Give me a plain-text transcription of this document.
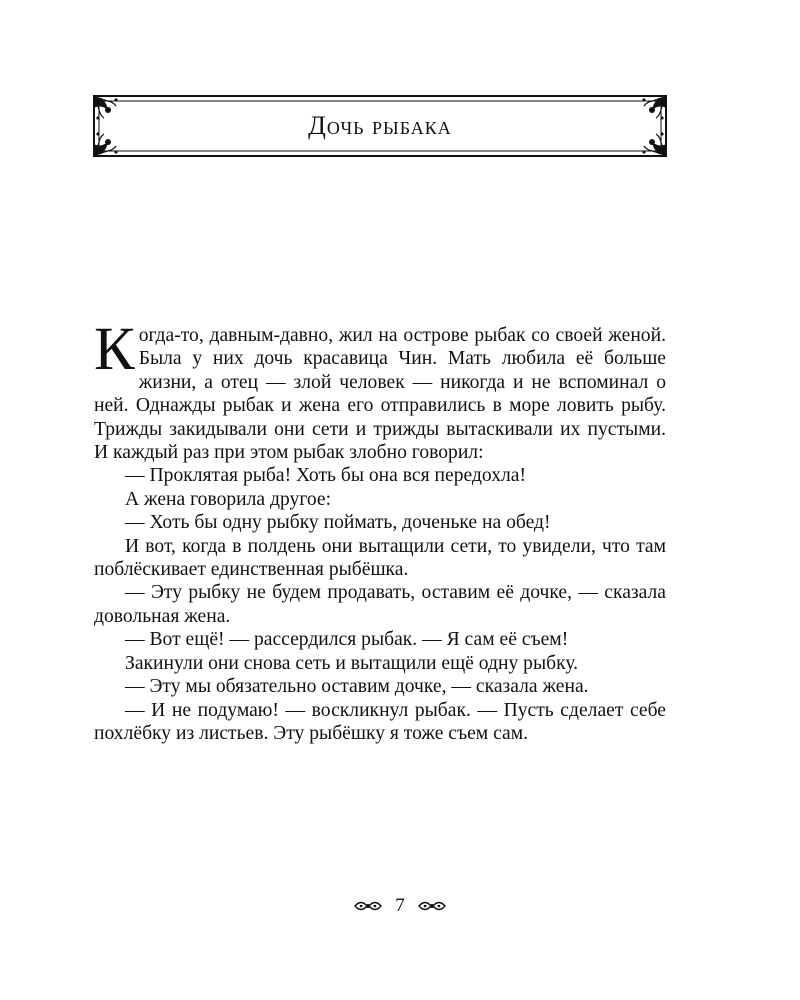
Дочь рыбака

Когда-то, давным-давно, жил на острове рыбак со своей женой. Была у них дочь красавица Чин. Мать любила её больше жизни, а отец — злой человек — никогда и не вспоминал о ней. Однажды рыбак и жена его отправились в море ловить рыбу. Трижды закидывали они сети и трижды вытаскивали их пустыми. И каждый раз при этом рыбак злобно говорил:

— Проклятая рыба! Хоть бы она вся передохла!

А жена говорила другое:

— Хоть бы одну рыбку поймать, доченьке на обед!

И вот, когда в полдень они вытащили сети, то увидели, что там поблёскивает единственная рыбёшка.

— Эту рыбку не будем продавать, оставим её дочке, — сказала довольная жена.

— Вот ещё! — рассердился рыбак. — Я сам её съем!

Закинули они снова сеть и вытащили ещё одну рыбку.

— Эту мы обязательно оставим дочке, — сказала жена.

— И не подумаю! — воскликнул рыбак. — Пусть сделает себе похлёбку из листьев. Эту рыбёшку я тоже съем сам.

7
